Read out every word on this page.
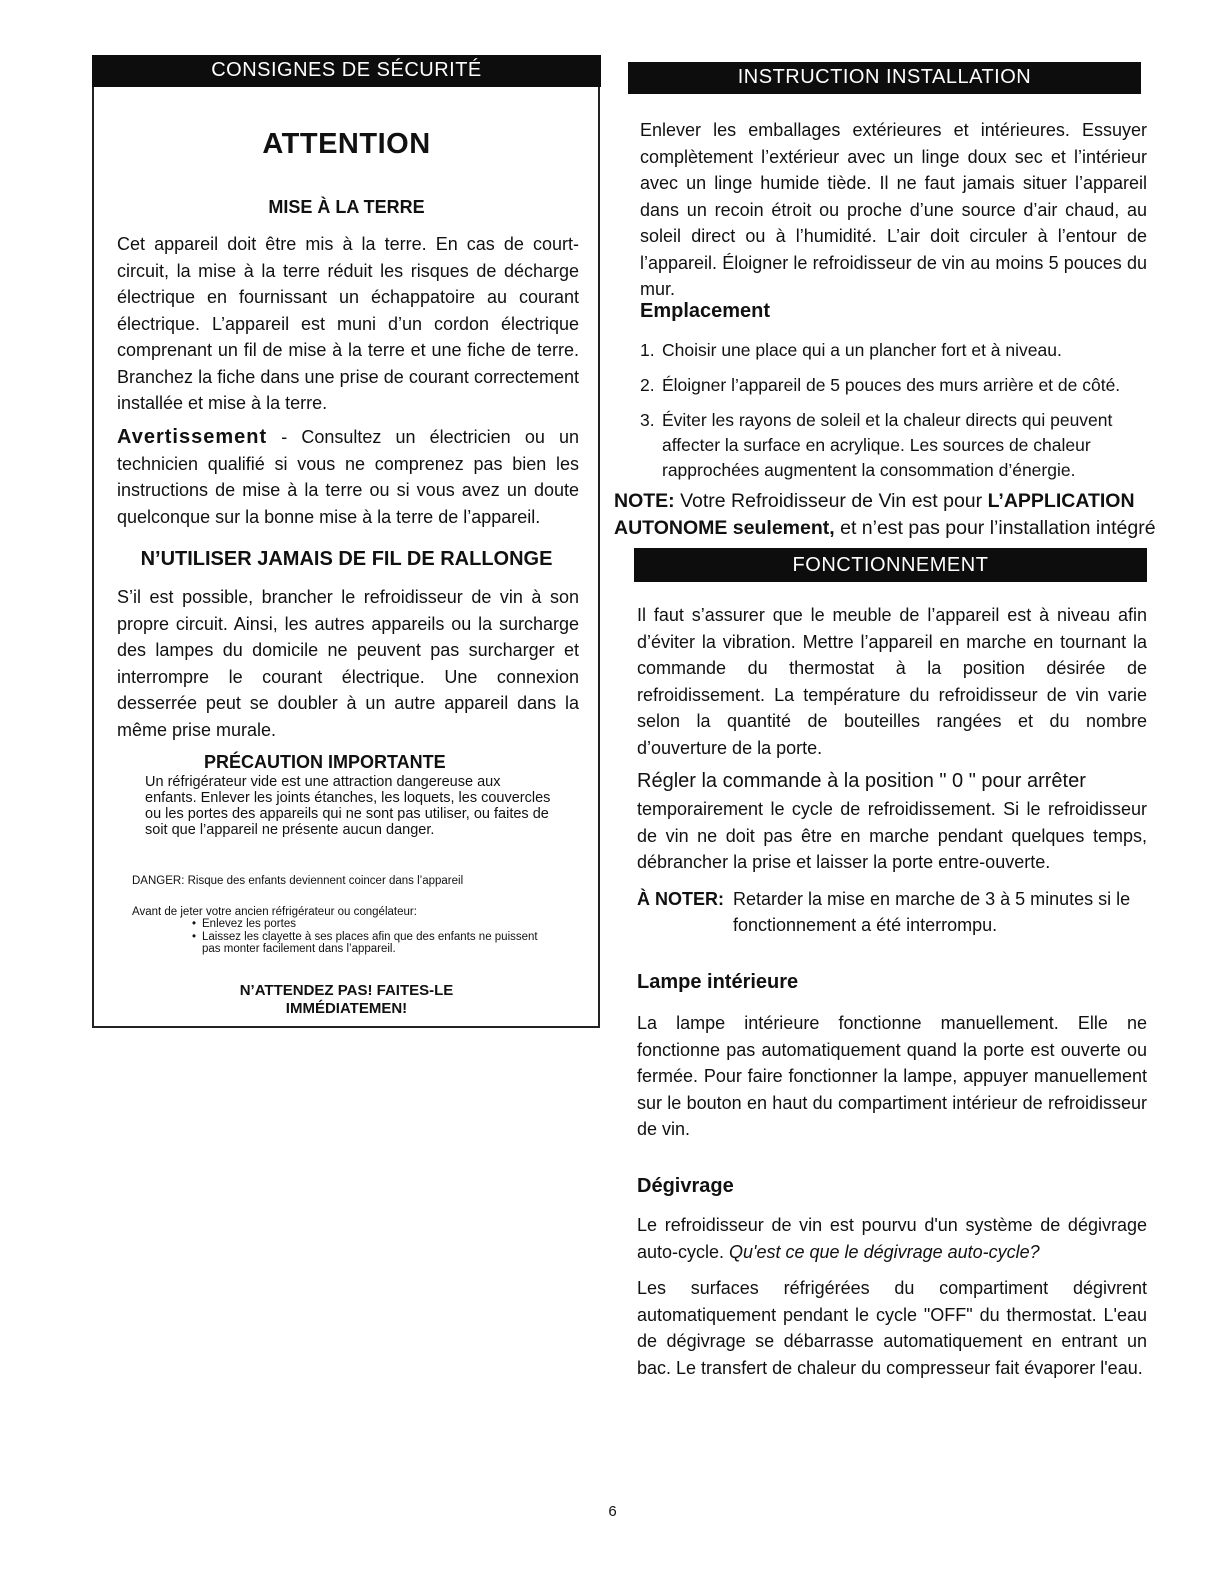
CONSIGNES DE SÉCURITÉ
ATTENTION
MISE À LA TERRE
Cet appareil doit être mis à la terre. En cas de court-circuit, la mise à la terre réduit les risques de décharge électrique en fournissant un échappatoire au courant électrique. L’appareil est muni d’un cordon électrique comprenant un fil de mise à la terre et une fiche de terre. Branchez la fiche dans une prise de courant correctement installée et mise à la terre.
Avertissement - Consultez un électricien ou un technicien qualifié si vous ne comprenez pas bien les instructions de mise à la terre ou si vous avez un doute quelconque sur la bonne mise à la terre de l’appareil.
N’UTILISER JAMAIS DE FIL DE RALLONGE
S’il est possible, brancher le refroidisseur de vin à son propre circuit. Ainsi, les autres appareils ou la surcharge des lampes du domicile ne peuvent pas surcharger et interrompre le courant électrique. Une connexion desserrée peut se doubler à un autre appareil dans la même prise murale.
PRÉCAUTION IMPORTANTE
Un réfrigérateur vide est une attraction dangereuse aux enfants. Enlever les joints étanches, les loquets, les couvercles ou les portes des appareils qui ne sont pas utiliser, ou faites de soit que l’appareil ne présente aucun danger.
DANGER: Risque des enfants deviennent coincer dans l’appareil
Avant de jeter votre ancien réfrigérateur ou congélateur:
• Enlevez les portes
• Laissez les clayette à ses places afin que des enfants ne puissent pas monter facilement dans l’appareil.
N’ATTENDEZ PAS! FAITES-LE
IMMÉDIATEMEN!
INSTRUCTION INSTALLATION
Enlever les emballages extérieures et intérieures. Essuyer complètement l’extérieur avec un linge doux sec et l’intérieur avec un linge humide tiède. Il ne faut jamais situer l’appareil dans un recoin étroit ou proche d’une source d’air chaud, au soleil direct ou à l’humidité. L’air doit circuler à l’entour de l’appareil. Éloigner le refroidisseur de vin au moins 5 pouces du mur.
Emplacement
1. Choisir une place qui a un plancher fort et à niveau.
2. Éloigner l’appareil de 5 pouces des murs arrière et de côté.
3. Éviter les rayons de soleil et la chaleur directs qui peuvent affecter la surface en acrylique. Les sources de chaleur rapprochées augmentent la consommation d’énergie.
NOTE: Votre Refroidisseur de Vin est pour L’APPLICATION
AUTONOME seulement, et n’est pas pour l’installation intégré
FONCTIONNEMENT
Il faut s’assurer que le meuble de l’appareil est à niveau afin d’éviter la vibration. Mettre l’appareil en marche en tournant la commande du thermostat à la position désirée de refroidissement. La température du refroidisseur de vin varie selon la quantité de bouteilles rangées et du nombre d’ouverture de la porte.
Régler la commande à la position " 0 " pour arrêter
temporairement le cycle de refroidissement. Si le refroidisseur de vin ne doit pas être en marche pendant quelques temps, débrancher la prise et laisser la porte entre-ouverte.
À NOTER: Retarder la mise en marche de 3 à 5 minutes si le
fonctionnement a été interrompu.
Lampe intérieure
La lampe intérieure fonctionne manuellement. Elle ne fonctionne pas automatiquement quand la porte est ouverte ou fermée. Pour faire fonctionner la lampe, appuyer manuellement sur le bouton en haut du compartiment intérieur de refroidisseur de vin.
Dégivrage
Le refroidisseur de vin est pourvu d'un système de dégivrage auto-cycle. Qu'est ce que le dégivrage auto-cycle?
Les surfaces réfrigérées du compartiment dégivrent automatiquement pendant le cycle "OFF" du thermostat. L'eau de dégivrage se débarrasse automatiquement en entrant un bac. Le transfert de chaleur du compresseur fait évaporer l'eau.
6
